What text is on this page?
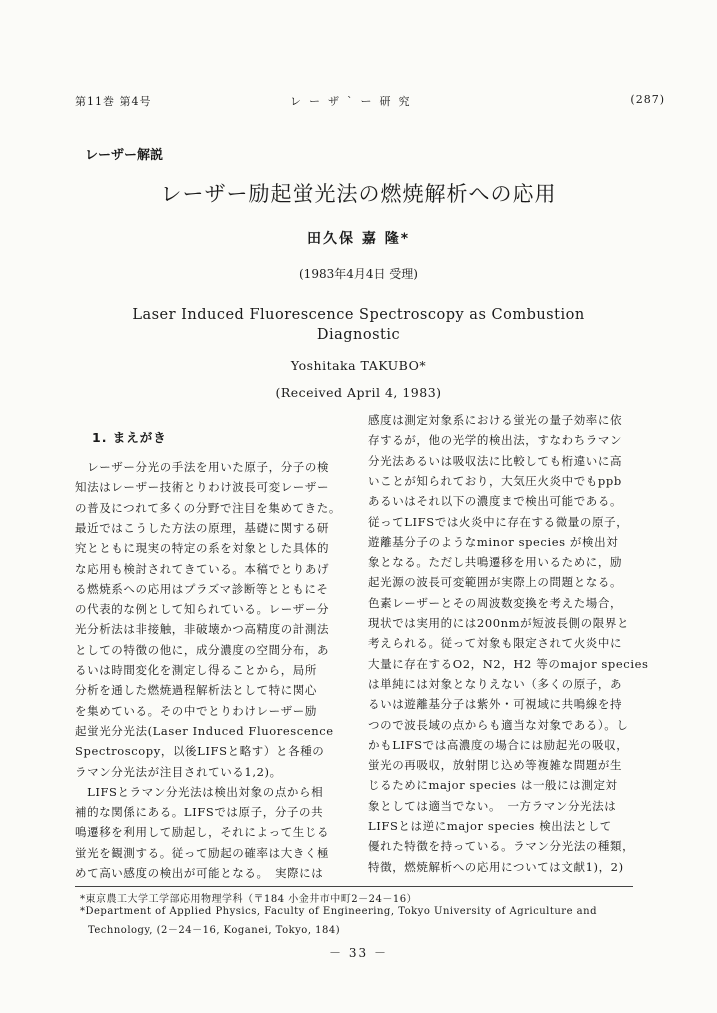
第11巻 第4号	レーザ`ー研究	(287)
レーザー解説
レーザー励起蛍光法の燃焼解析への応用
田久保 嘉 隆*
(1983年4月4日 受理)
Laser Induced Fluorescence Spectroscopy as Combustion
Diagnostic
Yoshitaka TAKUBO*
(Received April 4, 1983)
1. まえがき
　レーザー分光の手法を用いた原子，分子の検
知法はレーザー技術とりわけ波長可変レーザー
の普及につれて多くの分野で注目を集めてきた。
最近ではこうした方法の原理，基礎に関する研
究とともに現実の特定の系を対象とした具体的
な応用も検討されてきている。本稿でとりあげ
る燃焼系への応用はプラズマ診断等とともにそ
の代表的な例として知られている。レーザー分
光分析法は非接触，非破壊かつ高精度の計測法
としての特徴の他に，成分濃度の空間分布，あ
るいは時間変化を測定し得ることから，局所
分析を通した燃焼過程解析法として特に関心
を集めている。その中でとりわけレーザー励
起蛍光分光法(Laser Induced Fluorescence
Spectroscopy，以後LIFSと略す）と各種の
ラマン分光法が注目されている1,2)。
　LIFSとラマン分光法は検出対象の点から相
補的な関係にある。LIFSでは原子，分子の共
鳴遷移を利用して励起し，それによって生じる
蛍光を観測する。従って励起の確率は大きく極
めて高い感度の検出が可能となる。　実際には
感度は測定対象系における蛍光の量子効率に依
存するが，他の光学的検出法，すなわちラマン
分光法あるいは吸収法に比較しても桁違いに高
いことが知られており，大気圧火炎中でもppb
あるいはそれ以下の濃度まで検出可能である。
従ってLIFSでは火炎中に存在する微量の原子，
遊離基分子のようなminor species が検出対
象となる。ただし共鳴遷移を用いるために，励
起光源の波長可変範囲が実際上の問題となる。
色素レーザーとその周波数変換を考えた場合，
現状では実用的には200nmが短波長側の限界と
考えられる。従って対象も限定されて火炎中に
大量に存在するO2，N2，H2 等のmajor species
は単純には対象となりえない（多くの原子，あ
るいは遊離基分子は紫外・可視域に共鳴線を持
つので波長域の点からも適当な対象である）。し
かもLIFSでは高濃度の場合には励起光の吸収，
蛍光の再吸収，放射閉じ込め等複雑な問題が生
じるためにmajor species は一般には測定対
象としては適当でない。　一方ラマン分光法は
LIFSとは逆にmajor species 検出法として
優れた特徴を持っている。ラマン分光法の種類，
特徴，燃焼解析への応用については文献1)，2)
*東京農工大学工学部応用物理学科（〒184 小金井市中町2－24－16）
*Department of Applied Physics, Faculty of Engineering, Tokyo University of Agriculture and
Technology, (2－24－16, Koganei, Tokyo, 184)
－ 33 －
